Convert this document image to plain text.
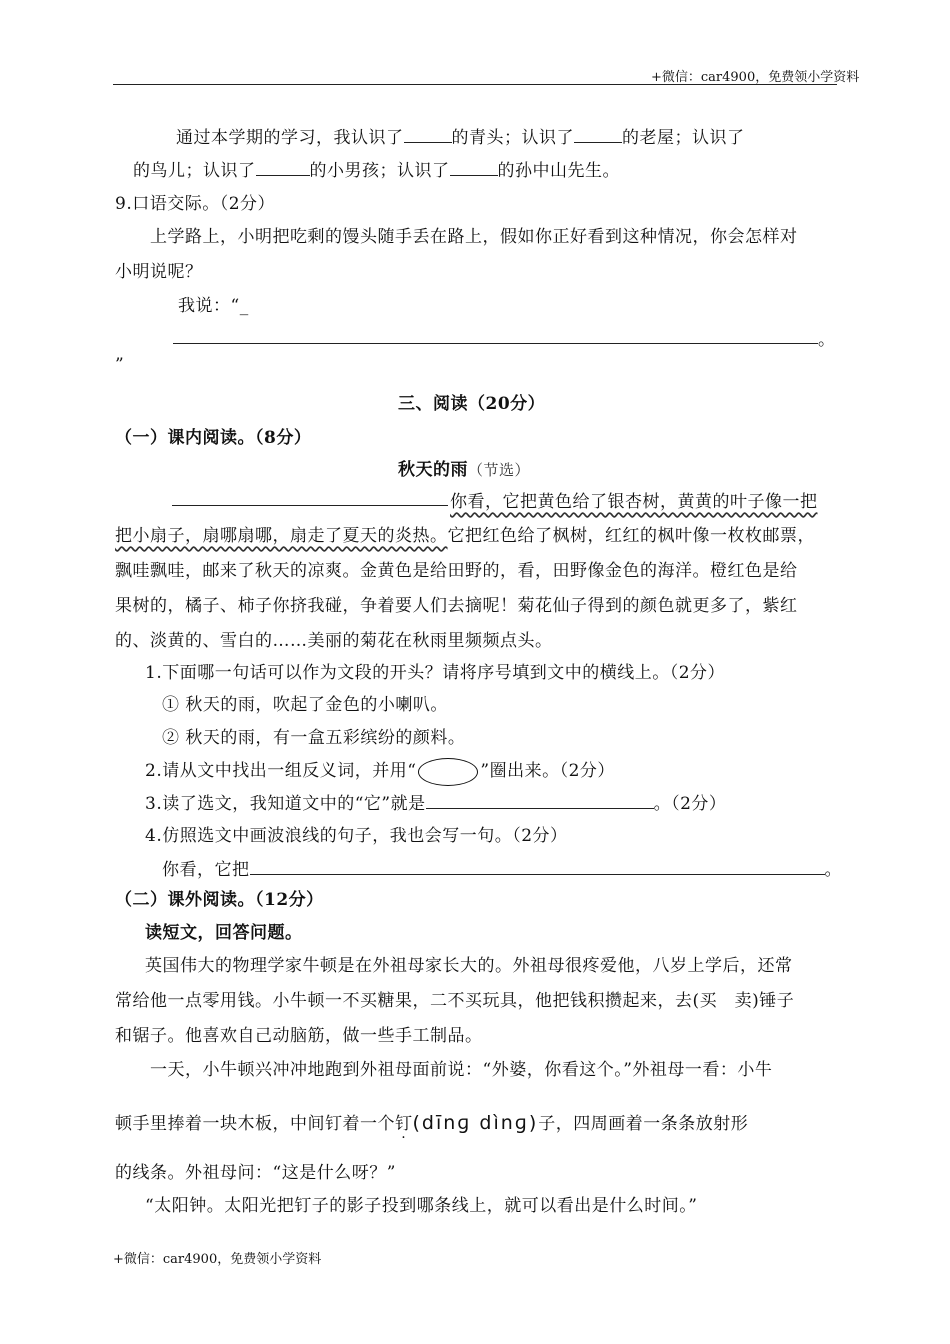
+微信：car4900，免费领小学资料
通过本学期的学习，我认识了	的青头；认识了	的老屋；认识了
的鸟儿；认识了	的小男孩；认识了	的孙中山先生。
9.口语交际。（2分）
上学路上，小明把吃剩的馒头随手丢在路上，假如你正好看到这种情况，你会怎样对
小明说呢？
我说：“_
。
”
三、阅读（20分）
（一）课内阅读。（8分）
秋天的雨（节选）
你看，它把黄色给了银杏树，黄黄的叶子像一把
把小扇子，扇哪扇哪，扇走了夏天的炎热。它把红色给了枫树，红红的枫叶像一枚枚邮票，
飘哇飘哇，邮来了秋天的凉爽。金黄色是给田野的，看，田野像金色的海洋。橙红色是给
果树的，橘子、柿子你挤我碰，争着要人们去摘呢！菊花仙子得到的颜色就更多了，紫红
的、淡黄的、雪白的……美丽的菊花在秋雨里频频点头。
1.下面哪一句话可以作为文段的开头？请将序号填到文中的横线上。（2分）
① 秋天的雨，吹起了金色的小喇叭。
② 秋天的雨，有一盒五彩缤纷的颜料。
2.请从文中找出一组反义词，并用“	”圈出来。（2分）
3.读了选文，我知道文中的“它”就是	。（2分）
4.仿照选文中画波浪线的句子，我也会写一句。（2分）
你看，它把	。
（二）课外阅读。（12分）
读短文，回答问题。
英国伟大的物理学家牛顿是在外祖母家长大的。外祖母很疼爱他，八岁上学后，还常
常给他一点零用钱。小牛顿一不买糖果，二不买玩具，他把钱积攒起来，去(买　卖)锤子
和锯子。他喜欢自己动脑筋，做一些手工制品。
一天，小牛顿兴冲冲地跑到外祖母面前说：“外婆，你看这个。”外祖母一看：小牛
顿手里捧着一块木板，中间钉着一个钉(dīnɡ dìnɡ)子，四周画着一条条放射形
的线条。外祖母问：“这是什么呀？”
“太阳钟。太阳光把钉子的影子投到哪条线上，就可以看出是什么时间。”
+微信：car4900，免费领小学资料
